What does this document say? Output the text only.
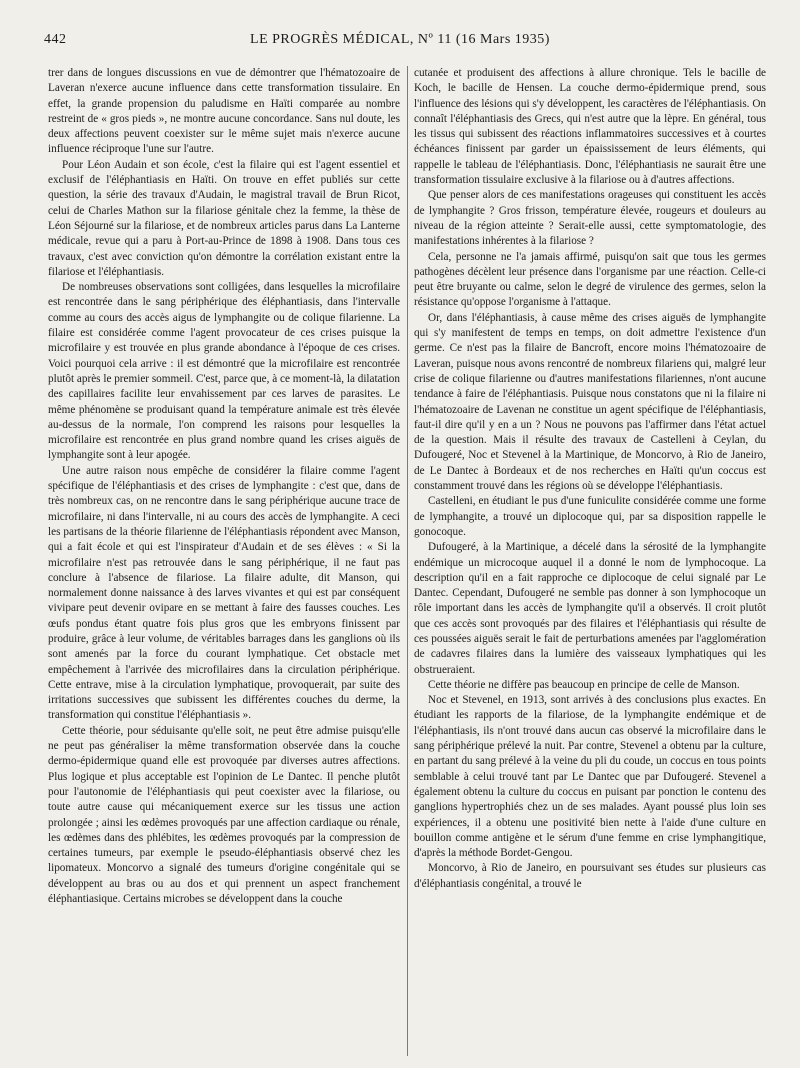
442	LE PROGRÈS MÉDICAL, Nº 11 (16 Mars 1935)

trer dans de longues discussions en vue de démontrer que l'hématozoaire de Laveran n'exerce aucune influence dans cette transformation tissulaire. En effet, la grande propension du paludisme en Haïti comparée au nombre restreint de « gros pieds », ne montre aucune concordance. Sans nul doute, les deux affections peuvent coexister sur le même sujet mais n'exerce aucune influence réciproque l'une sur l'autre.

Pour Léon Audain et son école, c'est la filaire qui est l'agent essentiel et exclusif de l'éléphantiasis en Haïti. On trouve en effet publiés sur cette question, la série des travaux d'Audain, le magistral travail de Brun Ricot, celui de Charles Mathon sur la filariose génitale chez la femme, la thèse de Léon Séjourné sur la filariose, et de nombreux articles parus dans La Lanterne médicale, revue qui a paru à Port-au-Prince de 1898 à 1908. Dans tous ces travaux, c'est avec conviction qu'on démontre la corrélation existant entre la filariose et l'éléphantiasis.

De nombreuses observations sont colligées, dans lesquelles la microfilaire est rencontrée dans le sang périphérique des éléphantiasis, dans l'intervalle comme au cours des accès aigus de lymphangite ou de colique filarienne. La filaire est considérée comme l'agent provocateur de ces crises puisque la microfilaire y est trouvée en plus grande abondance à l'époque de ces crises. Voici pourquoi cela arrive : il est démontré que la microfilaire est rencontrée plutôt après le premier sommeil. C'est, parce que, à ce moment-là, la dilatation des capillaires facilite leur envahissement par ces larves de parasites. Le même phénomène se produisant quand la température animale est très élevée au-dessus de la normale, l'on comprend les raisons pour lesquelles la microfilaire est rencontrée en plus grand nombre quand les crises aiguës de lymphangite sont à leur apogée.

Une autre raison nous empêche de considérer la filaire comme l'agent spécifique de l'éléphantiasis et des crises de lymphangite : c'est que, dans de très nombreux cas, on ne rencontre dans le sang périphérique aucune trace de microfilaire, ni dans l'intervalle, ni au cours des accès de lymphangite. A ceci les partisans de la théorie filarienne de l'éléphantiasis répondent avec Manson, qui a fait école et qui est l'inspirateur d'Audain et de ses élèves : « Si la microfilaire n'est pas retrouvée dans le sang périphérique, il ne faut pas conclure à l'absence de filariose. La filaire adulte, dit Manson, qui normalement donne naissance à des larves vivantes et qui est par conséquent vivipare peut devenir ovipare en se mettant à faire des fausses couches. Les œufs pondus étant quatre fois plus gros que les embryons finissent par produire, grâce à leur volume, de véritables barrages dans les ganglions où ils sont amenés par la force du courant lymphatique. Cet obstacle met empêchement à l'arrivée des microfilaires dans la circulation périphérique. Cette entrave, mise à la circulation lymphatique, provoquerait, par suite des irritations successives que subissent les différentes couches du derme, la transformation qui constitue l'éléphantiasis ».

Cette théorie, pour séduisante qu'elle soit, ne peut être admise puisqu'elle ne peut pas généraliser la même transformation observée dans la couche dermo-épidermique quand elle est provoquée par diverses autres affections. Plus logique et plus acceptable est l'opinion de Le Dantec. Il penche plutôt pour l'autonomie de l'éléphantiasis qui peut coexister avec la filariose, ou toute autre cause qui mécaniquement exerce sur les tissus une action prolongée ; ainsi les œdèmes provoqués par une affection cardiaque ou rénale, les œdèmes dans des phlébites, les œdèmes provoqués par la compression de certaines tumeurs, par exemple le pseudo-éléphantiasis observé chez les lipomateux. Moncorvo a signalé des tumeurs d'origine congénitale qui se développent au bras ou au dos et qui prennent un aspect franchement éléphantiasique. Certains microbes se développent dans la couche

cutanée et produisent des affections à allure chronique. Tels le bacille de Koch, le bacille de Hensen. La couche dermo-épidermique prend, sous l'influence des lésions qui s'y développent, les caractères de l'éléphantiasis. On connaît l'éléphantiasis des Grecs, qui n'est autre que la lèpre. En général, tous les tissus qui subissent des réactions inflammatoires successives et à courtes échéances finissent par garder un épaississement de leurs éléments, qui rappelle le tableau de l'éléphantiasis. Donc, l'éléphantiasis ne saurait être une transformation tissulaire exclusive à la filariose ou à d'autres affections.

Que penser alors de ces manifestations orageuses qui constituent les accès de lymphangite ? Gros frisson, température élevée, rougeurs et douleurs au niveau de la région atteinte ? Serait-elle aussi, cette symptomatologie, des manifestations inhérentes à la filariose ?

Cela, personne ne l'a jamais affirmé, puisqu'on sait que tous les germes pathogènes décèlent leur présence dans l'organisme par une réaction. Celle-ci peut être bruyante ou calme, selon le degré de virulence des germes, selon la résistance qu'oppose l'organisme à l'attaque.

Or, dans l'éléphantiasis, à cause même des crises aiguës de lymphangite qui s'y manifestent de temps en temps, on doit admettre l'existence d'un germe. Ce n'est pas la filaire de Bancroft, encore moins l'hématozoaire de Laveran, puisque nous avons rencontré de nombreux filariens qui, malgré leur crise de colique filarienne ou d'autres manifestations filariennes, n'ont aucune tendance à faire de l'éléphantiasis. Puisque nous constatons que ni la filaire ni l'hématozoaire de Lavenan ne constitue un agent spécifique de l'éléphantiasis, faut-il dire qu'il y en a un ? Nous ne pouvons pas l'affirmer dans l'état actuel de la question. Mais il résulte des travaux de Castelleni à Ceylan, du Dufougeré, Noc et Stevenel à la Martinique, de Moncorvo, à Rio de Janeiro, de Le Dantec à Bordeaux et de nos recherches en Haïti qu'un coccus est constamment trouvé dans les régions où se développe l'éléphantiasis.

Castelleni, en étudiant le pus d'une funiculite considérée comme une forme de lymphangite, a trouvé un diplocoque qui, par sa disposition rappelle le gonocoque.

Dufougeré, à la Martinique, a décelé dans la sérosité de la lymphangite endémique un microcoque auquel il a donné le nom de lymphocoque. La description qu'il en a fait rapproche ce diplocoque de celui signalé par Le Dantec. Cependant, Dufougeré ne semble pas donner à son lymphocoque un rôle important dans les accès de lymphangite qu'il a observés. Il croit plutôt que ces accès sont provoqués par des filaires et l'éléphantiasis qui résulte de ces poussées aiguës serait le fait de perturbations amenées par l'agglomération de cadavres filaires dans la lumière des vaisseaux lymphatiques qui les obstrueraient.

Cette théorie ne diffère pas beaucoup en principe de celle de Manson.

Noc et Stevenel, en 1913, sont arrivés à des conclusions plus exactes. En étudiant les rapports de la filariose, de la lymphangite endémique et de l'éléphantiasis, ils n'ont trouvé dans aucun cas observé la microfilaire dans le sang périphérique prélevé la nuit. Par contre, Stevenel a obtenu par la culture, en partant du sang prélevé à la veine du pli du coude, un coccus en tous points semblable à celui trouvé tant par Le Dantec que par Dufougeré. Stevenel a également obtenu la culture du coccus en puisant par ponction le contenu des ganglions hypertrophiés chez un de ses malades. Ayant poussé plus loin ses expériences, il a obtenu une positivité bien nette à l'aide d'une culture en bouillon comme antigène et le sérum d'une femme en crise lymphangitique, d'après la méthode Bordet-Gengou.

Moncorvo, à Rio de Janeiro, en poursuivant ses études sur plusieurs cas d'éléphantiasis congénital, a trouvé le
